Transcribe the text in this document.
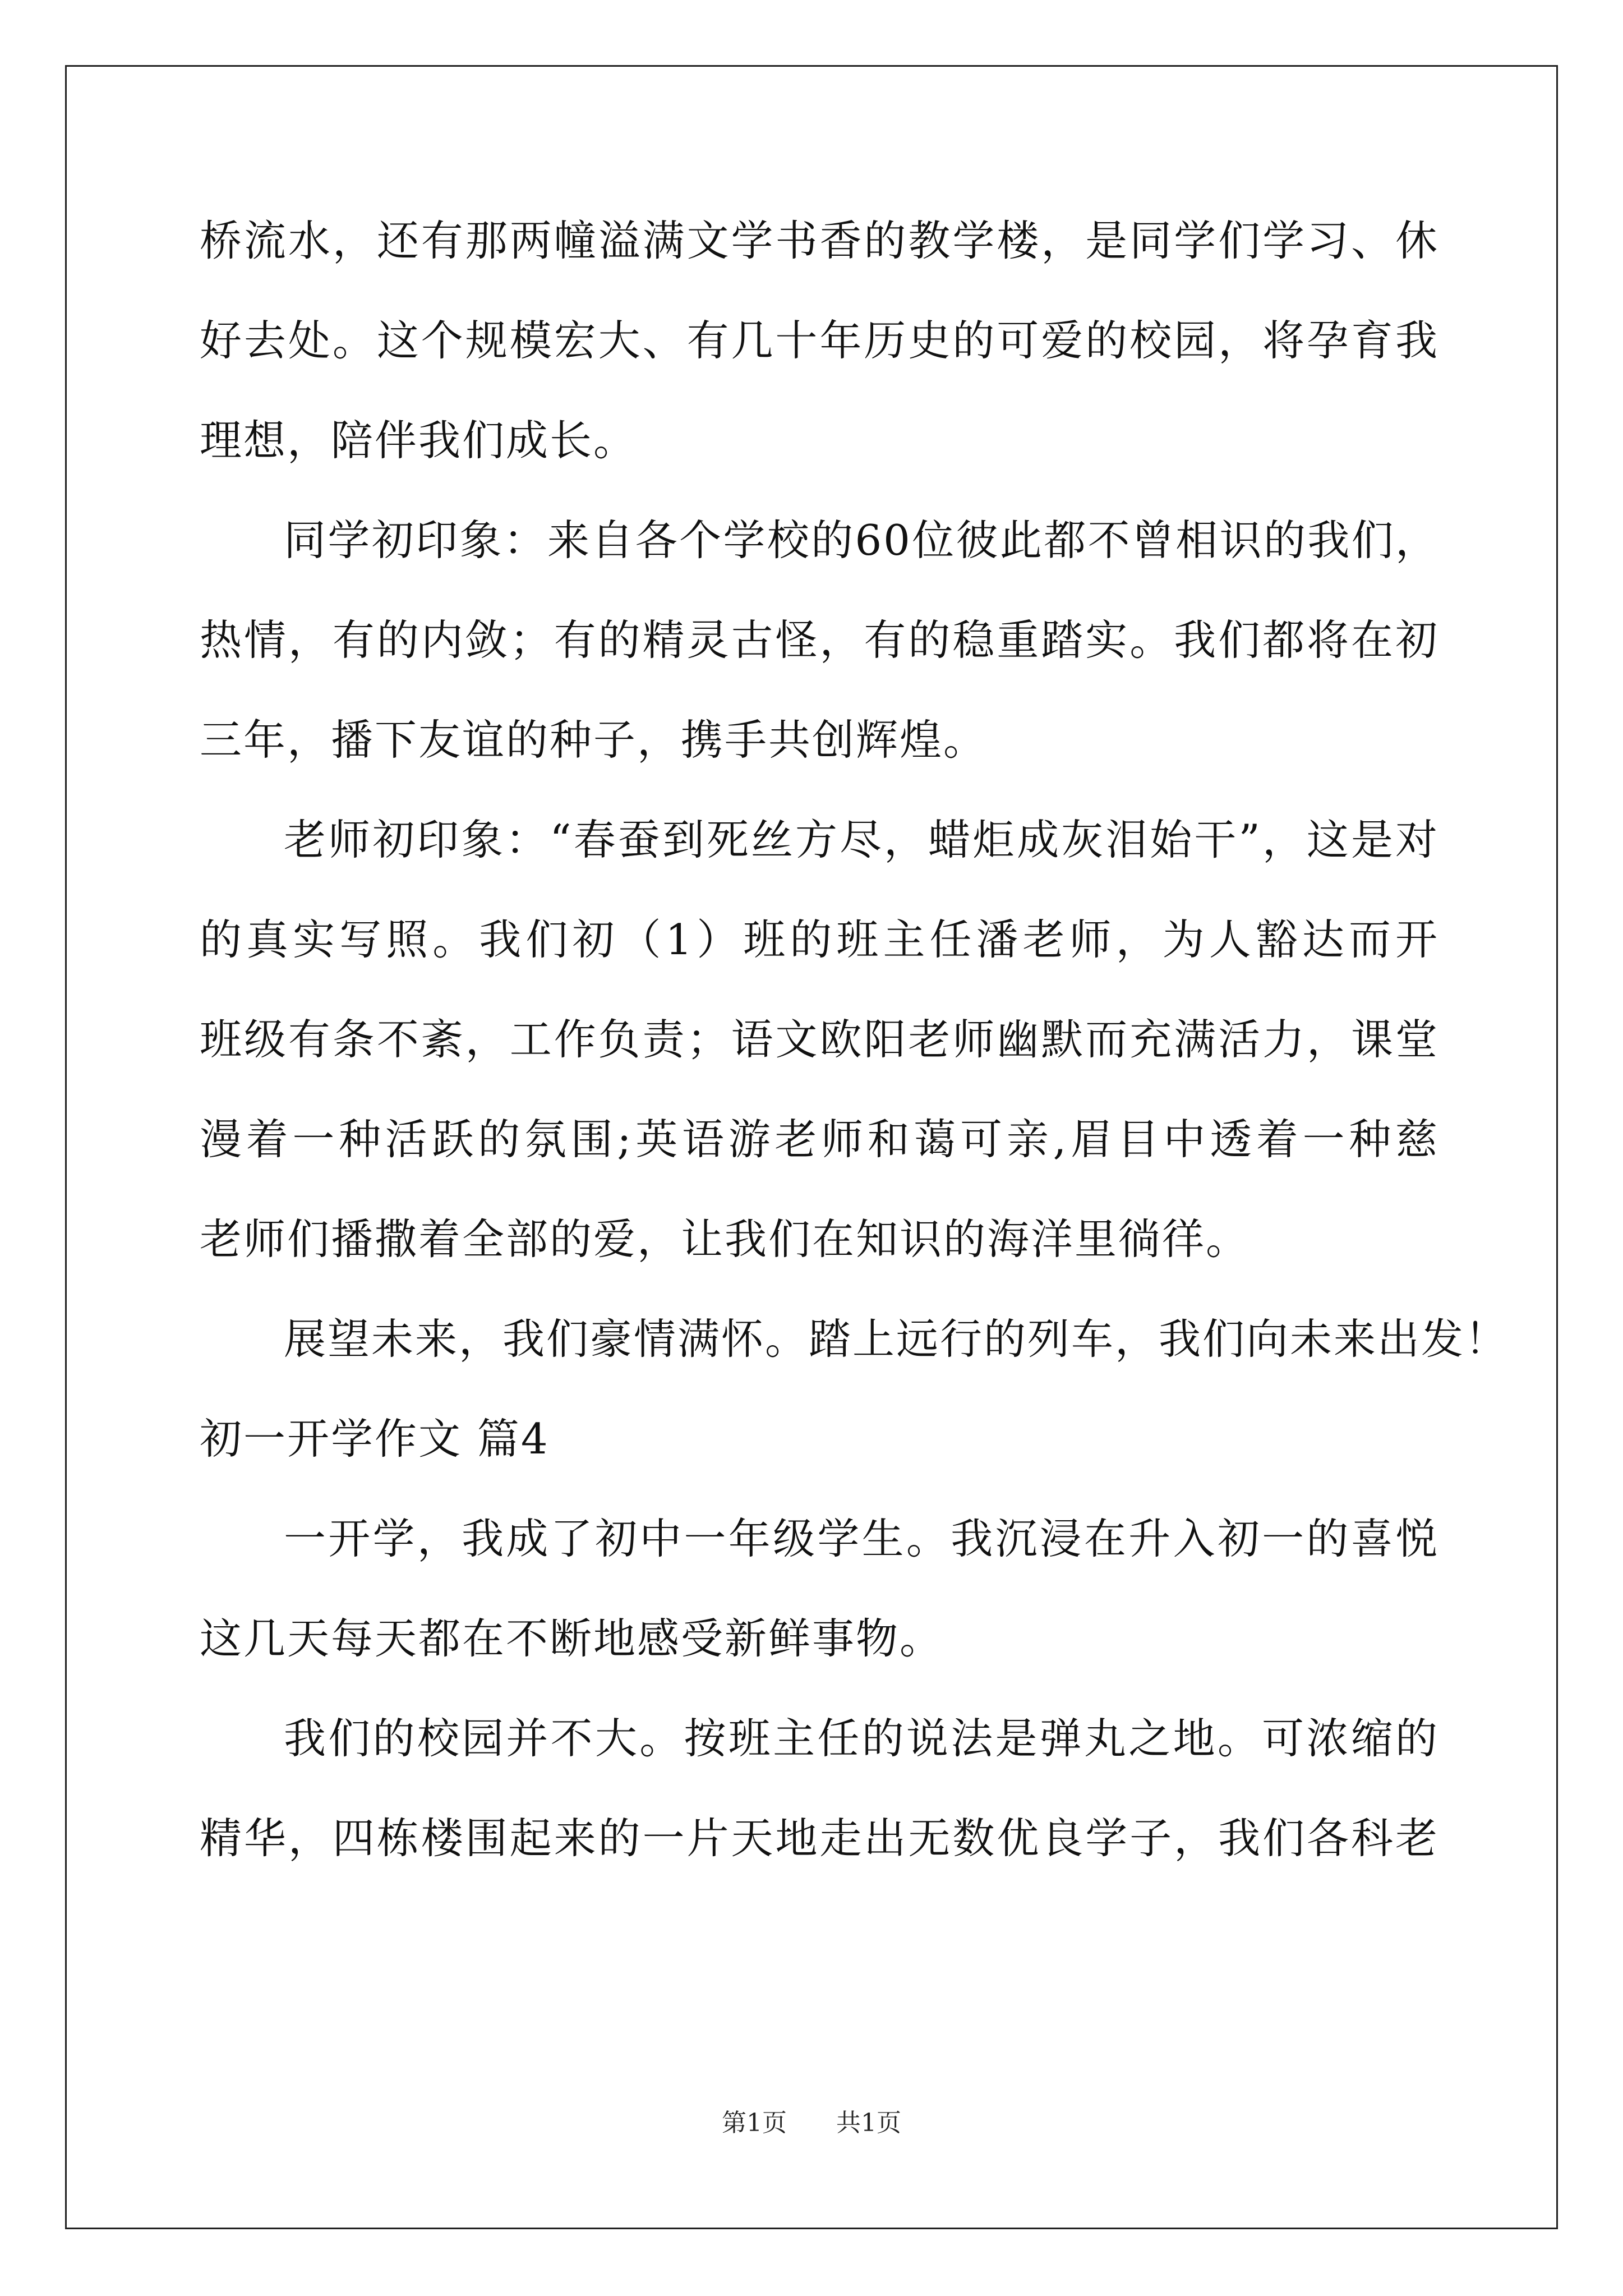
桥流水，还有那两幢溢满文学书香的教学楼，是同学们学习、休
好去处。这个规模宏大、有几十年历史的可爱的校园，将孕育我
理想，陪伴我们成长。
同学初印象：来自各个学校的60位彼此都不曾相识的我们，
热情，有的内敛；有的精灵古怪，有的稳重踏实。我们都将在初
三年，播下友谊的种子，携手共创辉煌。
老师初印象：“春蚕到死丝方尽，蜡炬成灰泪始干”，这是对
的真实写照。我们初（1）班的班主任潘老师，为人豁达而开
班级有条不紊，工作负责；语文欧阳老师幽默而充满活力，课堂
漫着一种活跃的氛围;英语游老师和蔼可亲,眉目中透着一种慈
老师们播撒着全部的爱，让我们在知识的海洋里徜徉。
展望未来，我们豪情满怀。踏上远行的列车，我们向未来出发！
初一开学作文 篇4
一开学，我成了初中一年级学生。我沉浸在升入初一的喜悦
这几天每天都在不断地感受新鲜事物。
我们的校园并不大。按班主任的说法是弹丸之地。可浓缩的
精华，四栋楼围起来的一片天地走出无数优良学子，我们各科老
第1页 共1页
